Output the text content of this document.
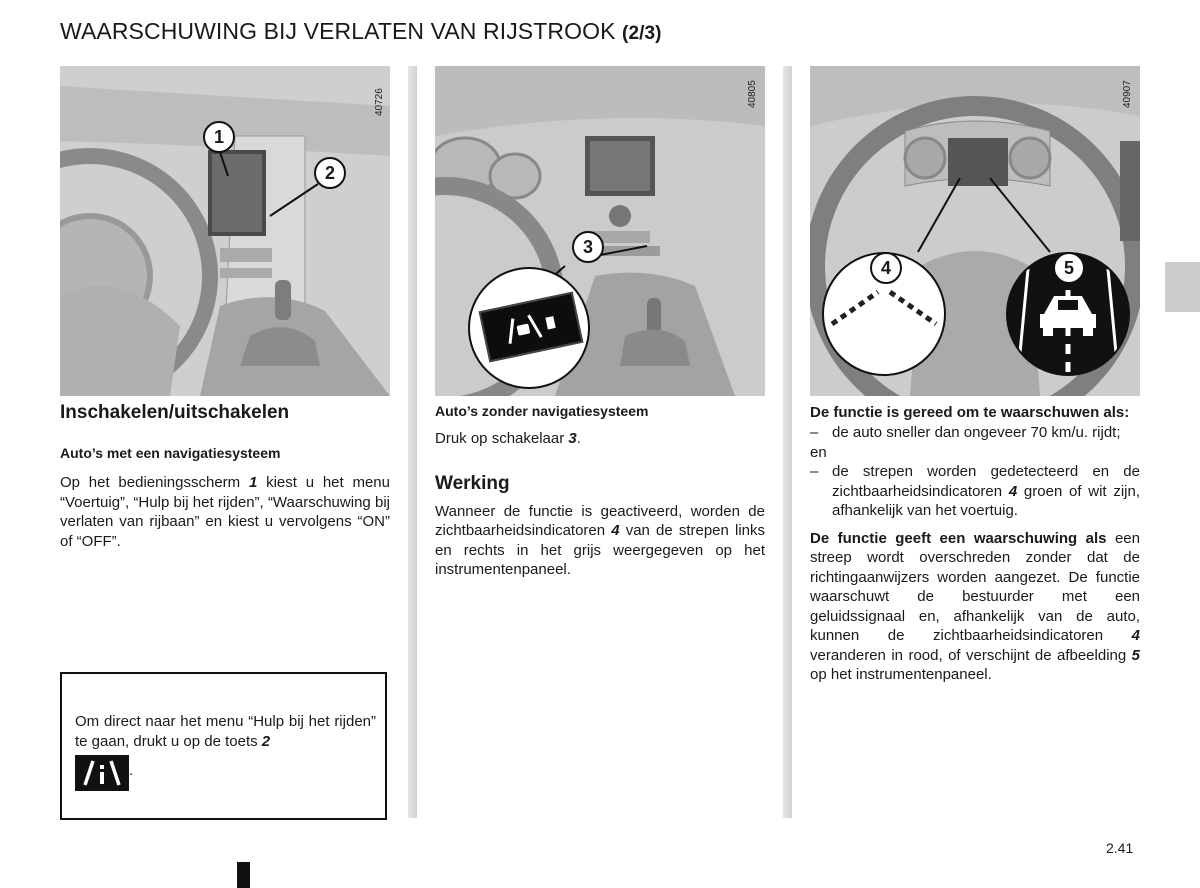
WAARSCHUWING BIJ VERLATEN VAN RIJSTROOK (2/3)
40726
1
2
40805
3
40907
4	5
Inschakelen/uitschakelen
Auto’s met een navigatiesysteem

Op het bedieningsscherm 1 kiest u het menu “Voertuig”, “Hulp bij het rijden”, “Waarschuwing bij verlaten van rijbaan” en kiest u vervolgens “ON” of “OFF”.

Om direct naar het menu “Hulp bij het rijden” te gaan, drukt u op de toets 2
.

Auto’s zonder navigatiesysteem

Druk op schakelaar 3.

Werking

Wanneer de functie is geactiveerd, worden de zichtbaarheidsindicatoren 4 van de strepen links en rechts in het grijs weergegeven op het instrumentenpaneel.

De functie is gereed om te waarschuwen als:

– de auto sneller dan ongeveer 70 km/u. rijdt;

en

– de strepen worden gedetecteerd en de zichtbaarheidsindicatoren 4 groen of wit zijn, afhankelijk van het voertuig.

De functie geeft een waarschuwing als een streep wordt overschreden zonder dat de richtingaanwijzers worden aangezet. De functie waarschuwt de bestuurder met een geluidssignaal en, afhankelijk van de auto, kunnen de zichtbaarheidsindicatoren 4 veranderen in rood, of verschijnt de afbeelding 5 op het instrumentenpaneel.

2.41
